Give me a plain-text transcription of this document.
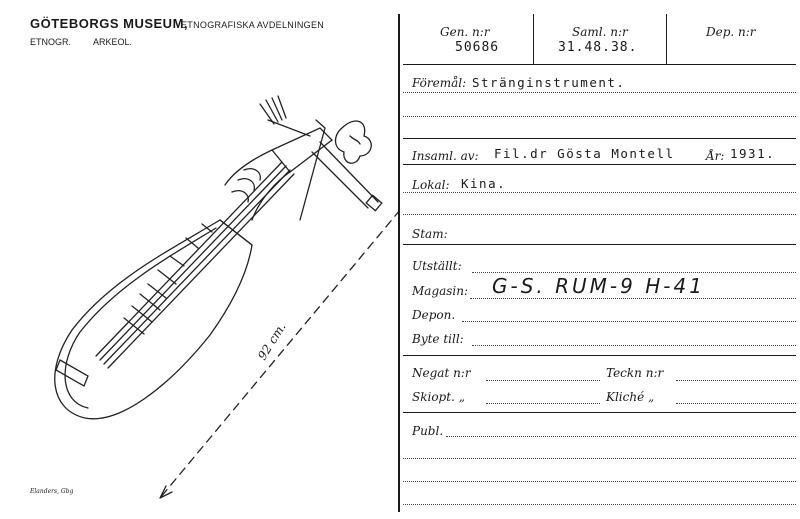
GÖTEBORGS MUSEUM,
ETNOGRAFISKA AVDELNINGEN
ETNOGR. ARKEOL.
92 cm.
Elanders, Gbg
Gen. n:r
50686
Saml. n:r
31.48.38.
Dep. n:r
Föremål: Stränginstrument.
Insaml. av: Fil.dr Gösta Montell	År: 1931.
Lokal: Kina.
Stam:
Utställt:
Magasin: G-S. RUM-9 H-41
Depon.
Byte till:
Negat n:r	Teckn n:r
Skiopt. „	Kliché „
Publ.
